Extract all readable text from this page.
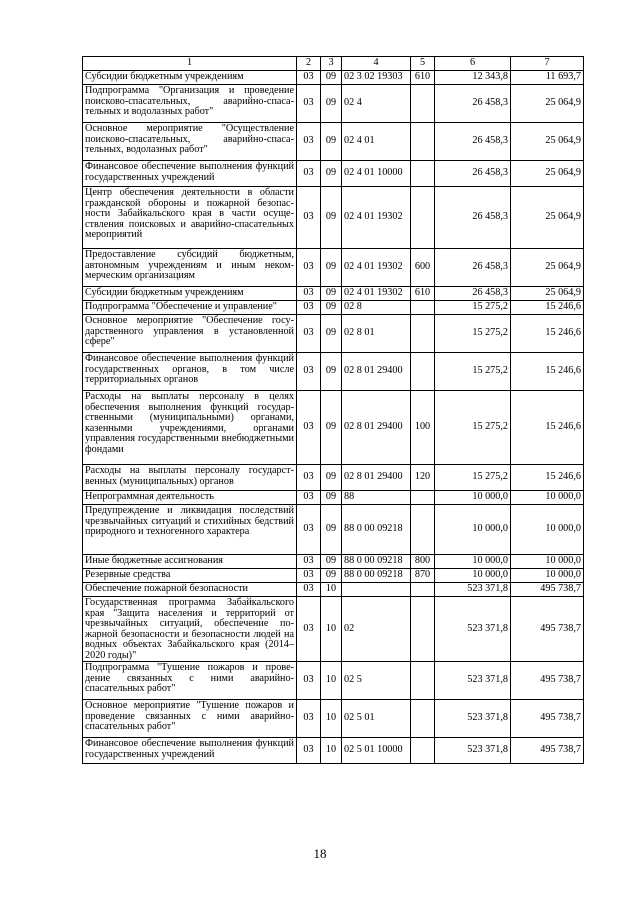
1	2	3	4	5	6	7
Субсидии бюджетным учреждениям	03	09	02 3 02 19303	610	12 343,8	11 693,7
Подпрограмма "Организация и проведение поисково-спасательных, аварийно-спасательных и водолазных работ"	03	09	02 4		26 458,3	25 064,9
Основное мероприятие "Осуществление поисково-спасательных, аварийно-спасательных, водолазных работ"	03	09	02 4 01		26 458,3	25 064,9
Финансовое обеспечение выполнения функций государственных учреждений	03	09	02 4 01 10000		26 458,3	25 064,9
Центр обеспечения деятельности в области гражданской обороны и пожарной безопасности Забайкальского края в части осуществления поисковых и аварийно-спасательных мероприятий	03	09	02 4 01 19302		26 458,3	25 064,9
Предоставление субсидий бюджетным, автономным учреждениям и иным некоммерческим организациям	03	09	02 4 01 19302	600	26 458,3	25 064,9
Субсидии бюджетным учреждениям	03	09	02 4 01 19302	610	26 458,3	25 064,9
Подпрограмма "Обеспечение и управление"	03	09	02 8		15 275,2	15 246,6
Основное мероприятие "Обеспечение государственного управления в установленной сфере"	03	09	02 8 01		15 275,2	15 246,6
Финансовое обеспечение выполнения функций государственных органов, в том числе территориальных органов	03	09	02 8 01 29400		15 275,2	15 246,6
Расходы на выплаты персоналу в целях обеспечения выполнения функций государственными (муниципальными) органами, казенными учреждениями, органами управления государственными внебюджетными фондами	03	09	02 8 01 29400	100	15 275,2	15 246,6
Расходы на выплаты персоналу государственных (муниципальных) органов	03	09	02 8 01 29400	120	15 275,2	15 246,6
Непрограммная деятельность	03	09	88		10 000,0	10 000,0
Предупреждение и ликвидация последствий чрезвычайных ситуаций и стихийных бедствий природного и техногенного характера	03	09	88 0 00 09218		10 000,0	10 000,0
Иные бюджетные ассигнования	03	09	88 0 00 09218	800	10 000,0	10 000,0
Резервные средства	03	09	88 0 00 09218	870	10 000,0	10 000,0
Обеспечение пожарной безопасности	03	10			523 371,8	495 738,7
Государственная программа Забайкальского края "Защита населения и территорий от чрезвычайных ситуаций, обеспечение пожарной безопасности и безопасности людей на водных объектах Забайкальского края (2014–2020 годы)"	03	10	02		523 371,8	495 738,7
Подпрограмма "Тушение пожаров и проведение связанных с ними аварийно-спасательных работ"	03	10	02 5		523 371,8	495 738,7
Основное мероприятие "Тушение пожаров и проведение связанных с ними аварийно-спасательных работ"	03	10	02 5 01		523 371,8	495 738,7
Финансовое обеспечение выполнения функций государственных учреждений	03	10	02 5 01 10000		523 371,8	495 738,7
18
